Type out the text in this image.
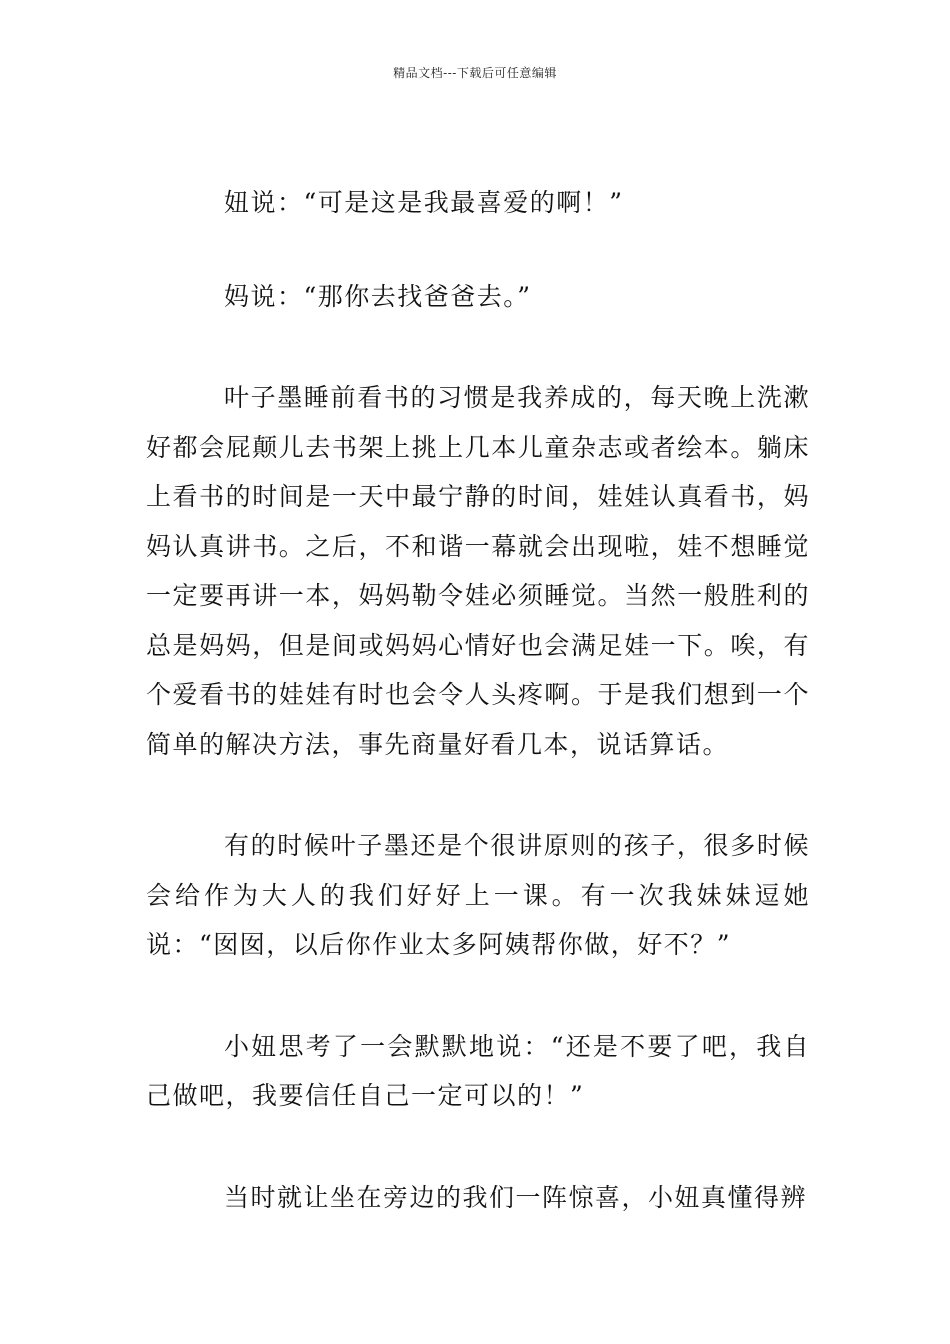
精品文档---下载后可任意编辑

妞说：“可是这是我最喜爱的啊！”

妈说：“那你去找爸爸去。”

叶子墨睡前看书的习惯是我养成的，每天晚上洗漱好都会屁颠儿去书架上挑上几本儿童杂志或者绘本。躺床上看书的时间是一天中最宁静的时间，娃娃认真看书，妈妈认真讲书。之后，不和谐一幕就会出现啦，娃不想睡觉一定要再讲一本，妈妈勒令娃必须睡觉。当然一般胜利的总是妈妈，但是间或妈妈心情好也会满足娃一下。唉，有个爱看书的娃娃有时也会令人头疼啊。于是我们想到一个简单的解决方法，事先商量好看几本，说话算话。

有的时候叶子墨还是个很讲原则的孩子，很多时候会给作为大人的我们好好上一课。有一次我妹妹逗她说：“囡囡，以后你作业太多阿姨帮你做，好不？”

小妞思考了一会默默地说：“还是不要了吧，我自己做吧，我要信任自己一定可以的！”

当时就让坐在旁边的我们一阵惊喜，小妞真懂得辨
